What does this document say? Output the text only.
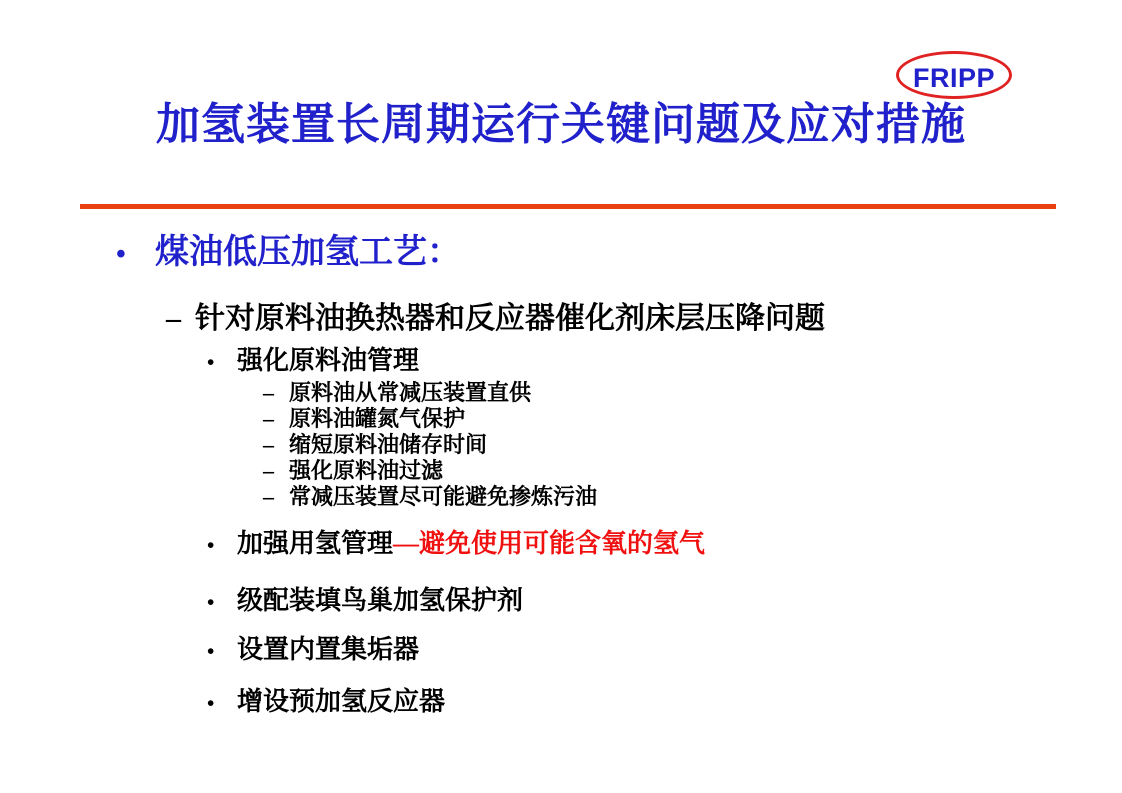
FRIPP
加氢装置长周期运行关键问题及应对措施
• 煤油低压加氢工艺：
– 针对原料油换热器和反应器催化剂床层压降问题
• 强化原料油管理
– 原料油从常减压装置直供
– 原料油罐氮气保护
– 缩短原料油储存时间
– 强化原料油过滤
– 常减压装置尽可能避免掺炼污油
• 加强用氢管理—避免使用可能含氧的氢气
• 级配装填鸟巢加氢保护剂
• 设置内置集垢器
• 增设预加氢反应器
